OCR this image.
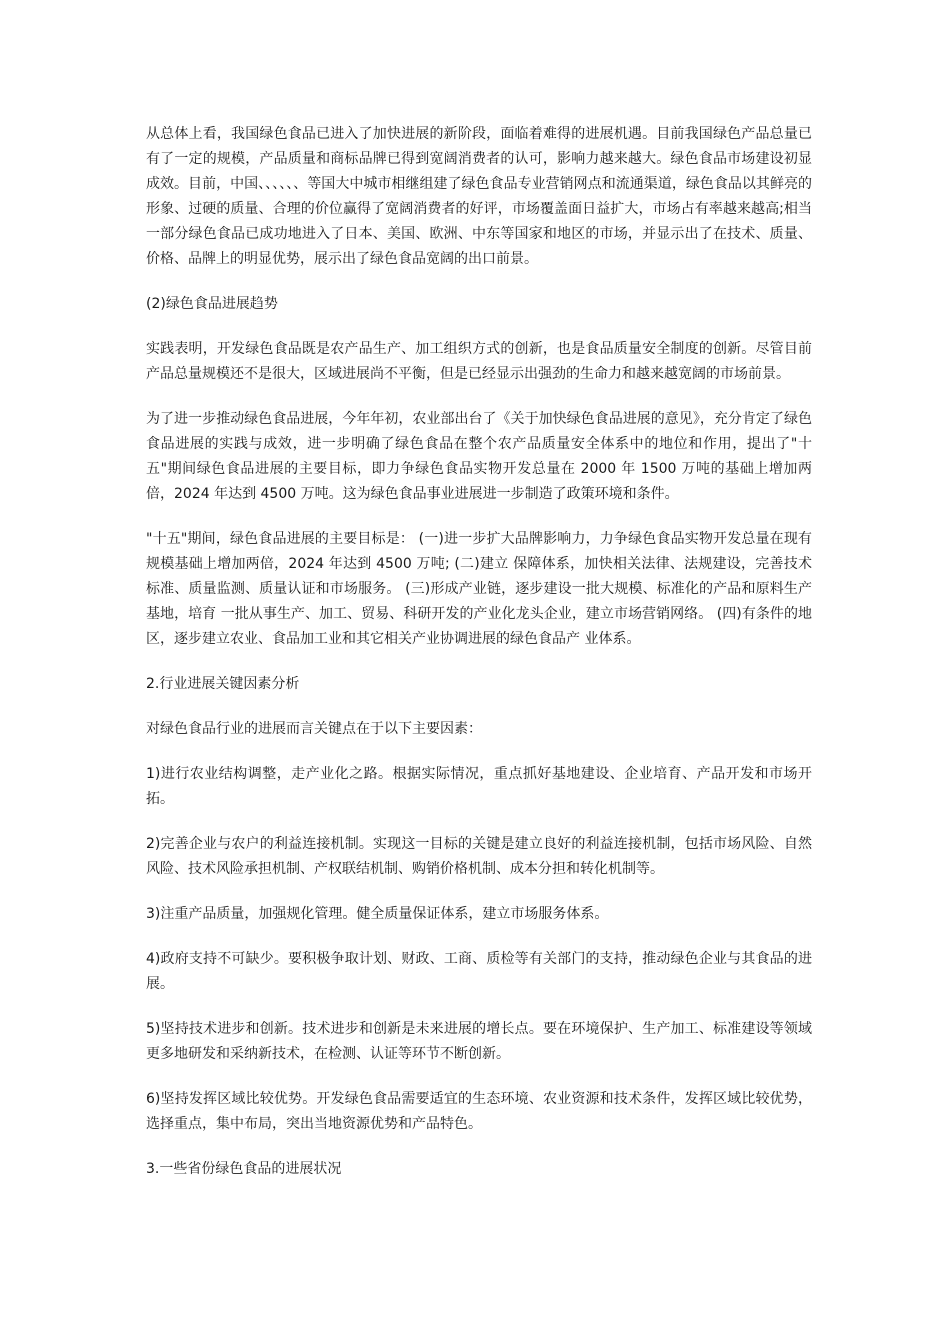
从总体上看，我国绿色食品已进入了加快进展的新阶段，面临着难得的进展机遇。目前我国绿色产品总量已有了一定的规模，产品质量和商标品牌已得到宽阔消费者的认可，影响力越来越大。绿色食品市场建设初显成效。目前，中国、、、、、、等国大中城市相继组建了绿色食品专业营销网点和流通渠道，绿色食品以其鲜亮的形象、过硬的质量、合理的价位赢得了宽阔消费者的好评，市场覆盖面日益扩大，市场占有率越来越高;相当一部分绿色食品已成功地进入了日本、美国、欧洲、中东等国家和地区的市场，并显示出了在技术、质量、价格、品牌上的明显优势，展示出了绿色食品宽阔的出口前景。

(2)绿色食品进展趋势

实践表明，开发绿色食品既是农产品生产、加工组织方式的创新，也是食品质量安全制度的创新。尽管目前产品总量规模还不是很大，区域进展尚不平衡，但是已经显示出强劲的生命力和越来越宽阔的市场前景。

为了进一步推动绿色食品进展，今年年初，农业部出台了《关于加快绿色食品进展的意见》，充分肯定了绿色食品进展的实践与成效，进一步明确了绿色食品在整个农产品质量安全体系中的地位和作用，提出了"十五"期间绿色食品进展的主要目标，即力争绿色食品实物开发总量在 2000 年 1500 万吨的基础上增加两倍，2024 年达到 4500 万吨。这为绿色食品事业进展进一步制造了政策环境和条件。

"十五"期间，绿色食品进展的主要目标是： (一)进一步扩大品牌影响力，力争绿色食品实物开发总量在现有规模基础上增加两倍，2024 年达到 4500 万吨; (二)建立 保障体系，加快相关法律、法规建设，完善技术标准、质量监测、质量认证和市场服务。 (三)形成产业链，逐步建设一批大规模、标准化的产品和原料生产基地，培育 一批从事生产、加工、贸易、科研开发的产业化龙头企业，建立市场营销网络。 (四)有条件的地区，逐步建立农业、食品加工业和其它相关产业协调进展的绿色食品产 业体系。

2.行业进展关键因素分析

对绿色食品行业的进展而言关键点在于以下主要因素：

1)进行农业结构调整，走产业化之路。根据实际情况，重点抓好基地建设、企业培育、产品开发和市场开拓。

2)完善企业与农户的利益连接机制。实现这一目标的关键是建立良好的利益连接机制，包括市场风险、自然风险、技术风险承担机制、产权联结机制、购销价格机制、成本分担和转化机制等。

3)注重产品质量，加强规化管理。健全质量保证体系，建立市场服务体系。

4)政府支持不可缺少。要积极争取计划、财政、工商、质检等有关部门的支持，推动绿色企业与其食品的进展。

5)坚持技术进步和创新。技术进步和创新是未来进展的增长点。要在环境保护、生产加工、标准建设等领域更多地研发和采纳新技术，在检测、认证等环节不断创新。

6)坚持发挥区域比较优势。开发绿色食品需要适宜的生态环境、农业资源和技术条件，发挥区域比较优势，选择重点，集中布局，突出当地资源优势和产品特色。

3.一些省份绿色食品的进展状况
